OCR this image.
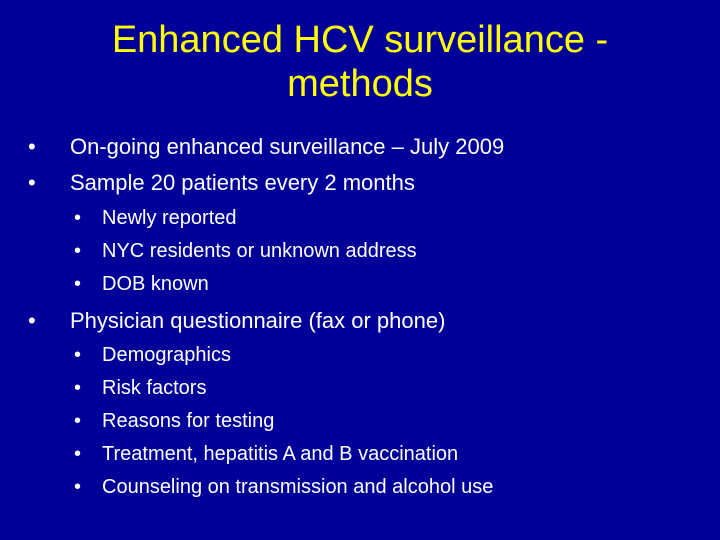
Enhanced HCV surveillance -
methods
• On-going enhanced surveillance – July 2009
• Sample 20 patients every 2 months
• Newly reported
• NYC residents or unknown address
• DOB known
• Physician questionnaire (fax or phone)
• Demographics
• Risk factors
• Reasons for testing
• Treatment, hepatitis A and B vaccination
• Counseling on transmission and alcohol use
